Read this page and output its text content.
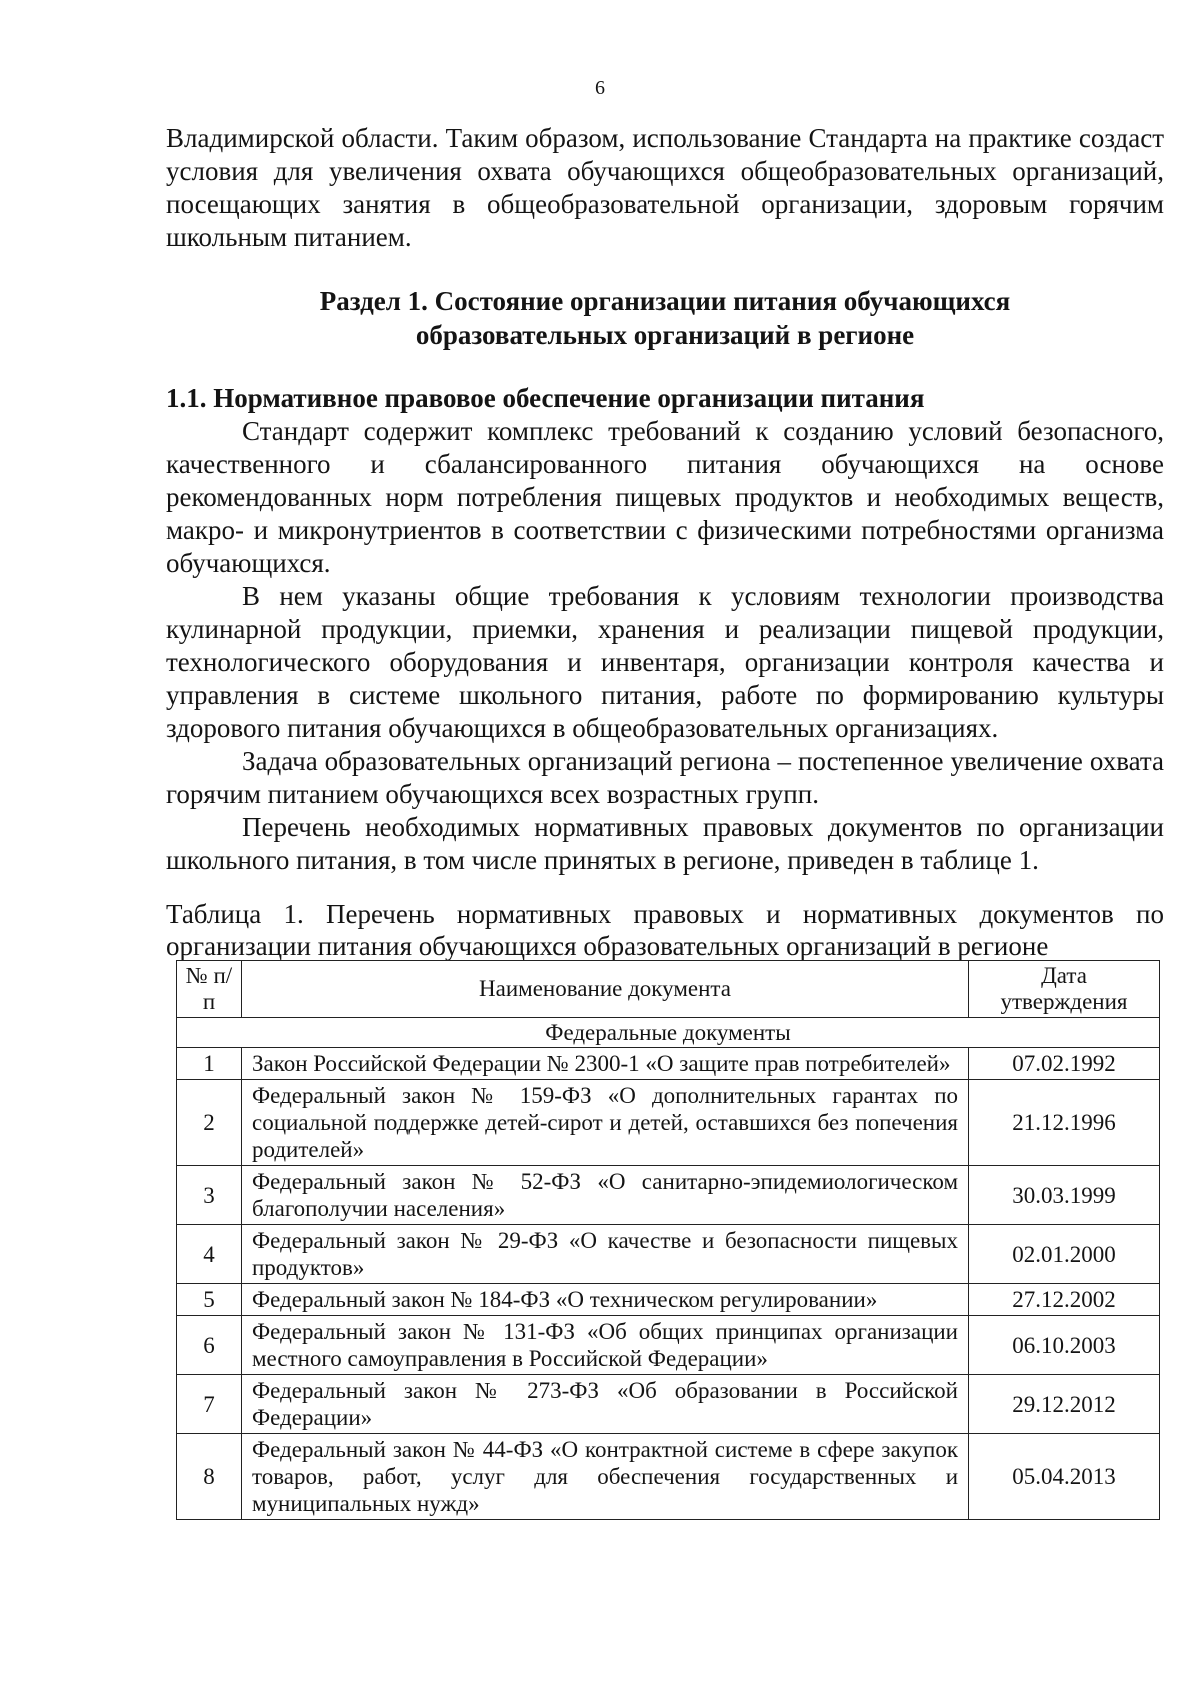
6

Владимирской области. Таким образом, использование Стандарта на практике создаст условия для увеличения охвата обучающихся общеобразовательных организаций, посещающих занятия в общеобразовательной организации, здоровым горячим школьным питанием.

Раздел 1. Состояние организации питания обучающихся

образовательных организаций в регионе

1.1. Нормативное правовое обеспечение организации питания

Стандарт содержит комплекс требований к созданию условий безопасного, качественного и сбалансированного питания обучающихся на основе рекомендованных норм потребления пищевых продуктов и необходимых веществ, макро- и микронутриентов в соответствии с физическими потребностями организма обучающихся.

В нем указаны общие требования к условиям технологии производства кулинарной продукции, приемки, хранения и реализации пищевой продукции, технологического оборудования и инвентаря, организации контроля качества и управления в системе школьного питания, работе по формированию культуры здорового питания обучающихся в общеобразовательных организациях.

Задача образовательных организаций региона – постепенное увеличение охвата горячим питанием обучающихся всех возрастных групп.

Перечень необходимых нормативных правовых документов по организации школьного питания, в том числе принятых в регионе, приведен в таблице 1.

Таблица 1. Перечень нормативных правовых и нормативных документов по организации питания обучающихся образовательных организаций в регионе

№ п/п	Наименование документа	Дата утверждения
Федеральные документы		
1	Закон Российской Федерации № 2300-1 «О защите прав потребителей»	07.02.1992
2	Федеральный закон № 159-ФЗ «О дополнительных гарантах по социальной поддержке детей-сирот и детей, оставшихся без попечения родителей»	21.12.1996
3	Федеральный закон № 52-ФЗ «О санитарно-эпидемиологическом благополучии населения»	30.03.1999
4	Федеральный закон № 29-ФЗ «О качестве и безопасности пищевых продуктов»	02.01.2000
5	Федеральный закон № 184-ФЗ «О техническом регулировании»	27.12.2002
6	Федеральный закон № 131-ФЗ «Об общих принципах организации местного самоуправления в Российской Федерации»	06.10.2003
7	Федеральный закон № 273-ФЗ «Об образовании в Российской Федерации»	29.12.2012
8	Федеральный закон № 44-ФЗ «О контрактной системе в сфере закупок товаров, работ, услуг для обеспечения государственных и муниципальных нужд»	05.04.2013
